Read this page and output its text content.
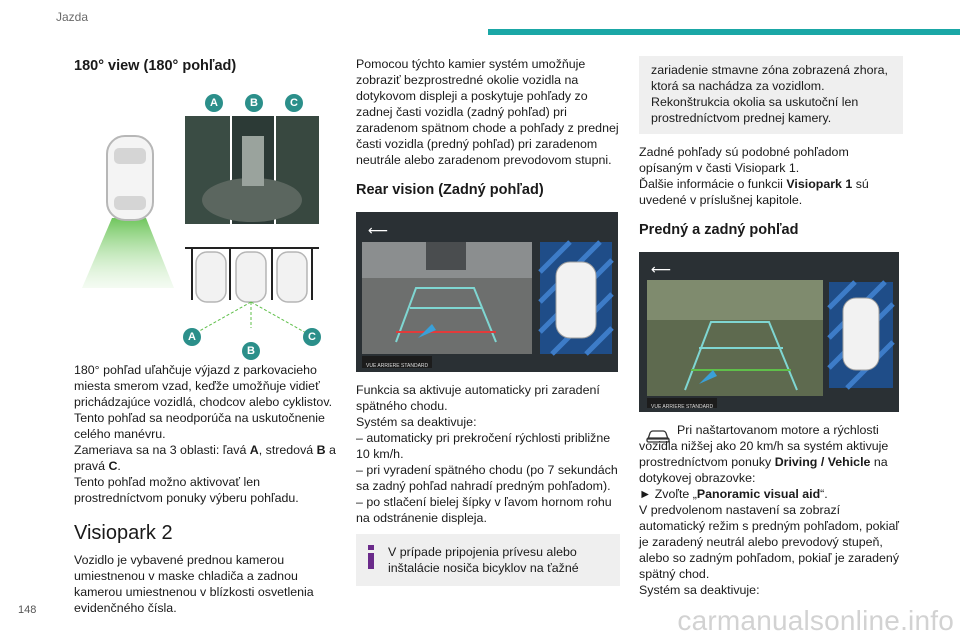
Jazda
180° view (180° pohľad)
A	B	C
A
B
C

180° pohľad uľahčuje výjazd z parkovacieho miesta smerom vzad, keďže umožňuje vidieť prichádzajúce vozidlá, chodcov alebo cyklistov. Tento pohľad sa neodporúča na uskutočnenie celého manévru.

Zameriava sa na 3 oblasti: ľavá A, stredová B a pravá C.

Tento pohľad možno aktivovať len prostredníctvom ponuky výberu pohľadu.

Visiopark 2

Vozidlo je vybavené prednou kamerou umiestnenou v maske chladiča a zadnou kamerou umiestnenou v blízkosti osvetlenia evidenčného čísla.

Pomocou týchto kamier systém umožňuje zobraziť bezprostredné okolie vozidla na dotykovom displeji a poskytuje pohľady zo zadnej časti vozidla (zadný pohľad) pri zaradenom spätnom chode a pohľady z prednej časti vozidla (predný pohľad) pri zaradenom neutrále alebo zaradenom prevodovom stupni.

Rear vision (Zadný pohľad)
⟵
VUE ARRIERE STANDARD

Funkcia sa aktivuje automaticky pri zaradení spätného chodu.

Systém sa deaktivuje:

– automaticky pri prekročení rýchlosti približne 10 km/h.

– pri vyradení spätného chodu (po 7 sekundách sa zadný pohľad nahradí predným pohľadom).

– po stlačení bielej šípky v ľavom hornom rohu na odstránenie displeja.

V prípade pripojenia prívesu alebo inštalácie nosiča bicyklov na ťažné

zariadenie stmavne zóna zobrazená zhora, ktorá sa nachádza za vozidlom. Rekonštrukcia okolia sa uskutoční len prostredníctvom prednej kamery.

Zadné pohľady sú podobné pohľadom opísaným v časti Visiopark 1.

Ďalšie informácie o funkcii Visiopark 1 sú uvedené v príslušnej kapitole.

Predný a zadný pohľad
⟵
VUE ARRIERE STANDARD

Pri naštartovanom motore a rýchlosti vozidla nižšej ako 20 km/h sa systém aktivuje prostredníctvom ponuky Driving / Vehicle na dotykovej obrazovke:

► Zvoľte „Panoramic visual aid“.

V predvolenom nastavení sa zobrazí automatický režim s predným pohľadom, pokiaľ je zaradený neutrál alebo prevodový stupeň, alebo so zadným pohľadom, pokiaľ je zaradený spätný chod.

Systém sa deaktivuje:

148	carmanualsonline.info
